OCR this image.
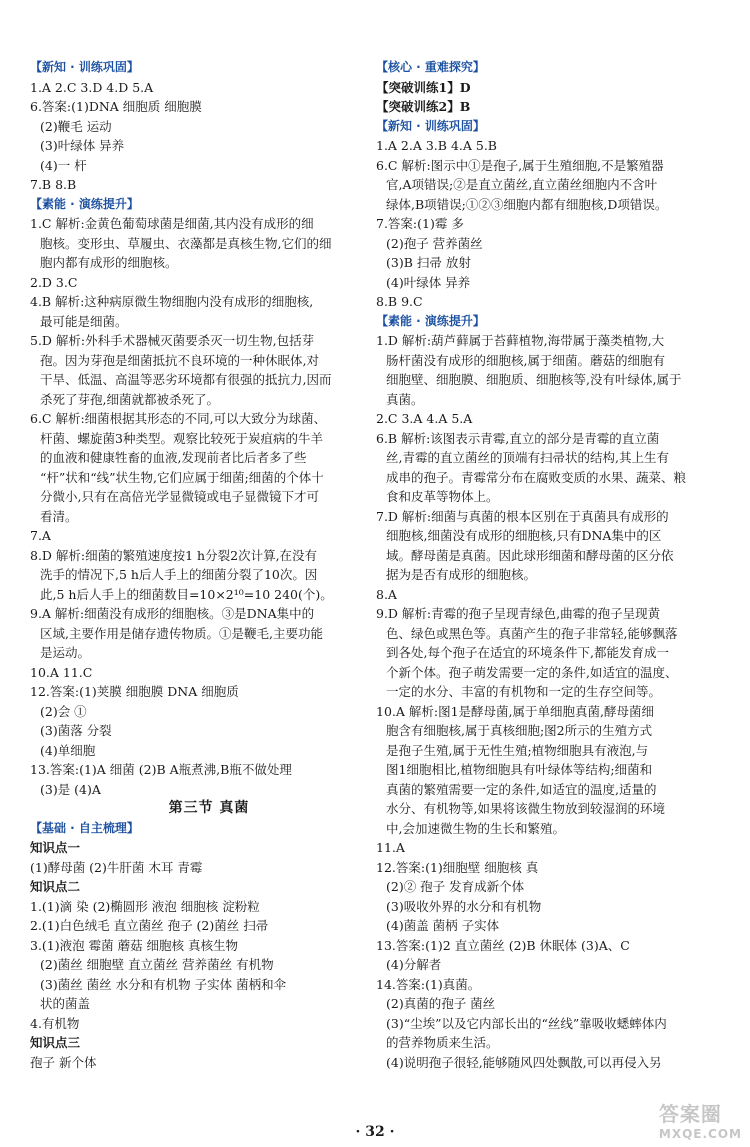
【新知 · 训练巩固】
1.A 2.C 3.D 4.D 5.A
6.答案:(1)DNA 细胞质 细胞膜
(2)鞭毛 运动
(3)叶绿体 异养
(4)一 杆
7.B 8.B
【素能 · 演练提升】
1.C 解析:金黄色葡萄球菌是细菌,其内没有成形的细
胞核。变形虫、草履虫、衣藻都是真核生物,它们的细
胞内都有成形的细胞核。
2.D 3.C
4.B 解析:这种病原微生物细胞内没有成形的细胞核,
最可能是细菌。
5.D 解析:外科手术器械灭菌要杀灭一切生物,包括芽
孢。因为芽孢是细菌抵抗不良环境的一种休眠体,对
干旱、低温、高温等恶劣环境都有很强的抵抗力,因而
杀死了芽孢,细菌就都被杀死了。
6.C 解析:细菌根据其形态的不同,可以大致分为球菌、
杆菌、螺旋菌3种类型。观察比较死于炭疽病的牛羊
的血液和健康牲畜的血液,发现前者比后者多了些
“杆”状和“线”状生物,它们应属于细菌;细菌的个体十
分微小,只有在高倍光学显微镜或电子显微镜下才可
看清。
7.A
8.D 解析:细菌的繁殖速度按1 h分裂2次计算,在没有
洗手的情况下,5 h后人手上的细菌分裂了10次。因
此,5 h后人手上的细菌数目=10×2¹⁰=10 240(个)。
9.A 解析:细菌没有成形的细胞核。③是DNA集中的
区域,主要作用是储存遗传物质。①是鞭毛,主要功能
是运动。
10.A 11.C
12.答案:(1)荚膜 细胞膜 DNA 细胞质
(2)会 ①
(3)菌落 分裂
(4)单细胞
13.答案:(1)A 细菌 (2)B A瓶煮沸,B瓶不做处理
(3)是 (4)A
第三节 真菌
【基础 · 自主梳理】
知识点一
(1)酵母菌 (2)牛肝菌 木耳 青霉
知识点二
1.(1)滴 染 (2)椭圆形 液泡 细胞核 淀粉粒
2.(1)白色绒毛 直立菌丝 孢子 (2)菌丝 扫帚
3.(1)液泡 霉菌 蘑菇 细胞核 真核生物
(2)菌丝 细胞壁 直立菌丝 营养菌丝 有机物
(3)菌丝 菌丝 水分和有机物 子实体 菌柄和伞
状的菌盖
4.有机物
知识点三
孢子 新个体
【核心 · 重难探究】
【突破训练1】D
【突破训练2】B
【新知 · 训练巩固】
1.A 2.A 3.B 4.A 5.B
6.C 解析:图示中①是孢子,属于生殖细胞,不是繁殖器
官,A项错误;②是直立菌丝,直立菌丝细胞内不含叶
绿体,B项错误;①②③细胞内都有细胞核,D项错误。
7.答案:(1)霉 多
(2)孢子 营养菌丝
(3)B 扫帚 放射
(4)叶绿体 异养
8.B 9.C
【素能 · 演练提升】
1.D 解析:葫芦藓属于苔藓植物,海带属于藻类植物,大
肠杆菌没有成形的细胞核,属于细菌。蘑菇的细胞有
细胞壁、细胞膜、细胞质、细胞核等,没有叶绿体,属于
真菌。
2.C 3.A 4.A 5.A
6.B 解析:该图表示青霉,直立的部分是青霉的直立菌
丝,青霉的直立菌丝的顶端有扫帚状的结构,其上生有
成串的孢子。青霉常分布在腐败变质的水果、蔬菜、粮
食和皮革等物体上。
7.D 解析:细菌与真菌的根本区别在于真菌具有成形的
细胞核,细菌没有成形的细胞核,只有DNA集中的区
域。酵母菌是真菌。因此球形细菌和酵母菌的区分依
据为是否有成形的细胞核。
8.A
9.D 解析:青霉的孢子呈现青绿色,曲霉的孢子呈现黄
色、绿色或黑色等。真菌产生的孢子非常轻,能够飘落
到各处,每个孢子在适宜的环境条件下,都能发育成一
个新个体。孢子萌发需要一定的条件,如适宜的温度、
一定的水分、丰富的有机物和一定的生存空间等。
10.A 解析:图1是酵母菌,属于单细胞真菌,酵母菌细
胞含有细胞核,属于真核细胞;图2所示的生殖方式
是孢子生殖,属于无性生殖;植物细胞具有液泡,与
图1细胞相比,植物细胞具有叶绿体等结构;细菌和
真菌的繁殖需要一定的条件,如适宜的温度,适量的
水分、有机物等,如果将该微生物放到较湿润的环境
中,会加速微生物的生长和繁殖。
11.A
12.答案:(1)细胞壁 细胞核 真
(2)② 孢子 发育成新个体
(3)吸收外界的水分和有机物
(4)菌盖 菌柄 子实体
13.答案:(1)2 直立菌丝 (2)B 休眠体 (3)A、C
(4)分解者
14.答案:(1)真菌。
(2)真菌的孢子 菌丝
(3)“尘埃”以及它内部长出的“丝线”靠吸收蟋蟀体内
的营养物质来生活。
(4)说明孢子很轻,能够随风四处飘散,可以再侵入另
· 32 ·
答案圈
MXQE.COM
